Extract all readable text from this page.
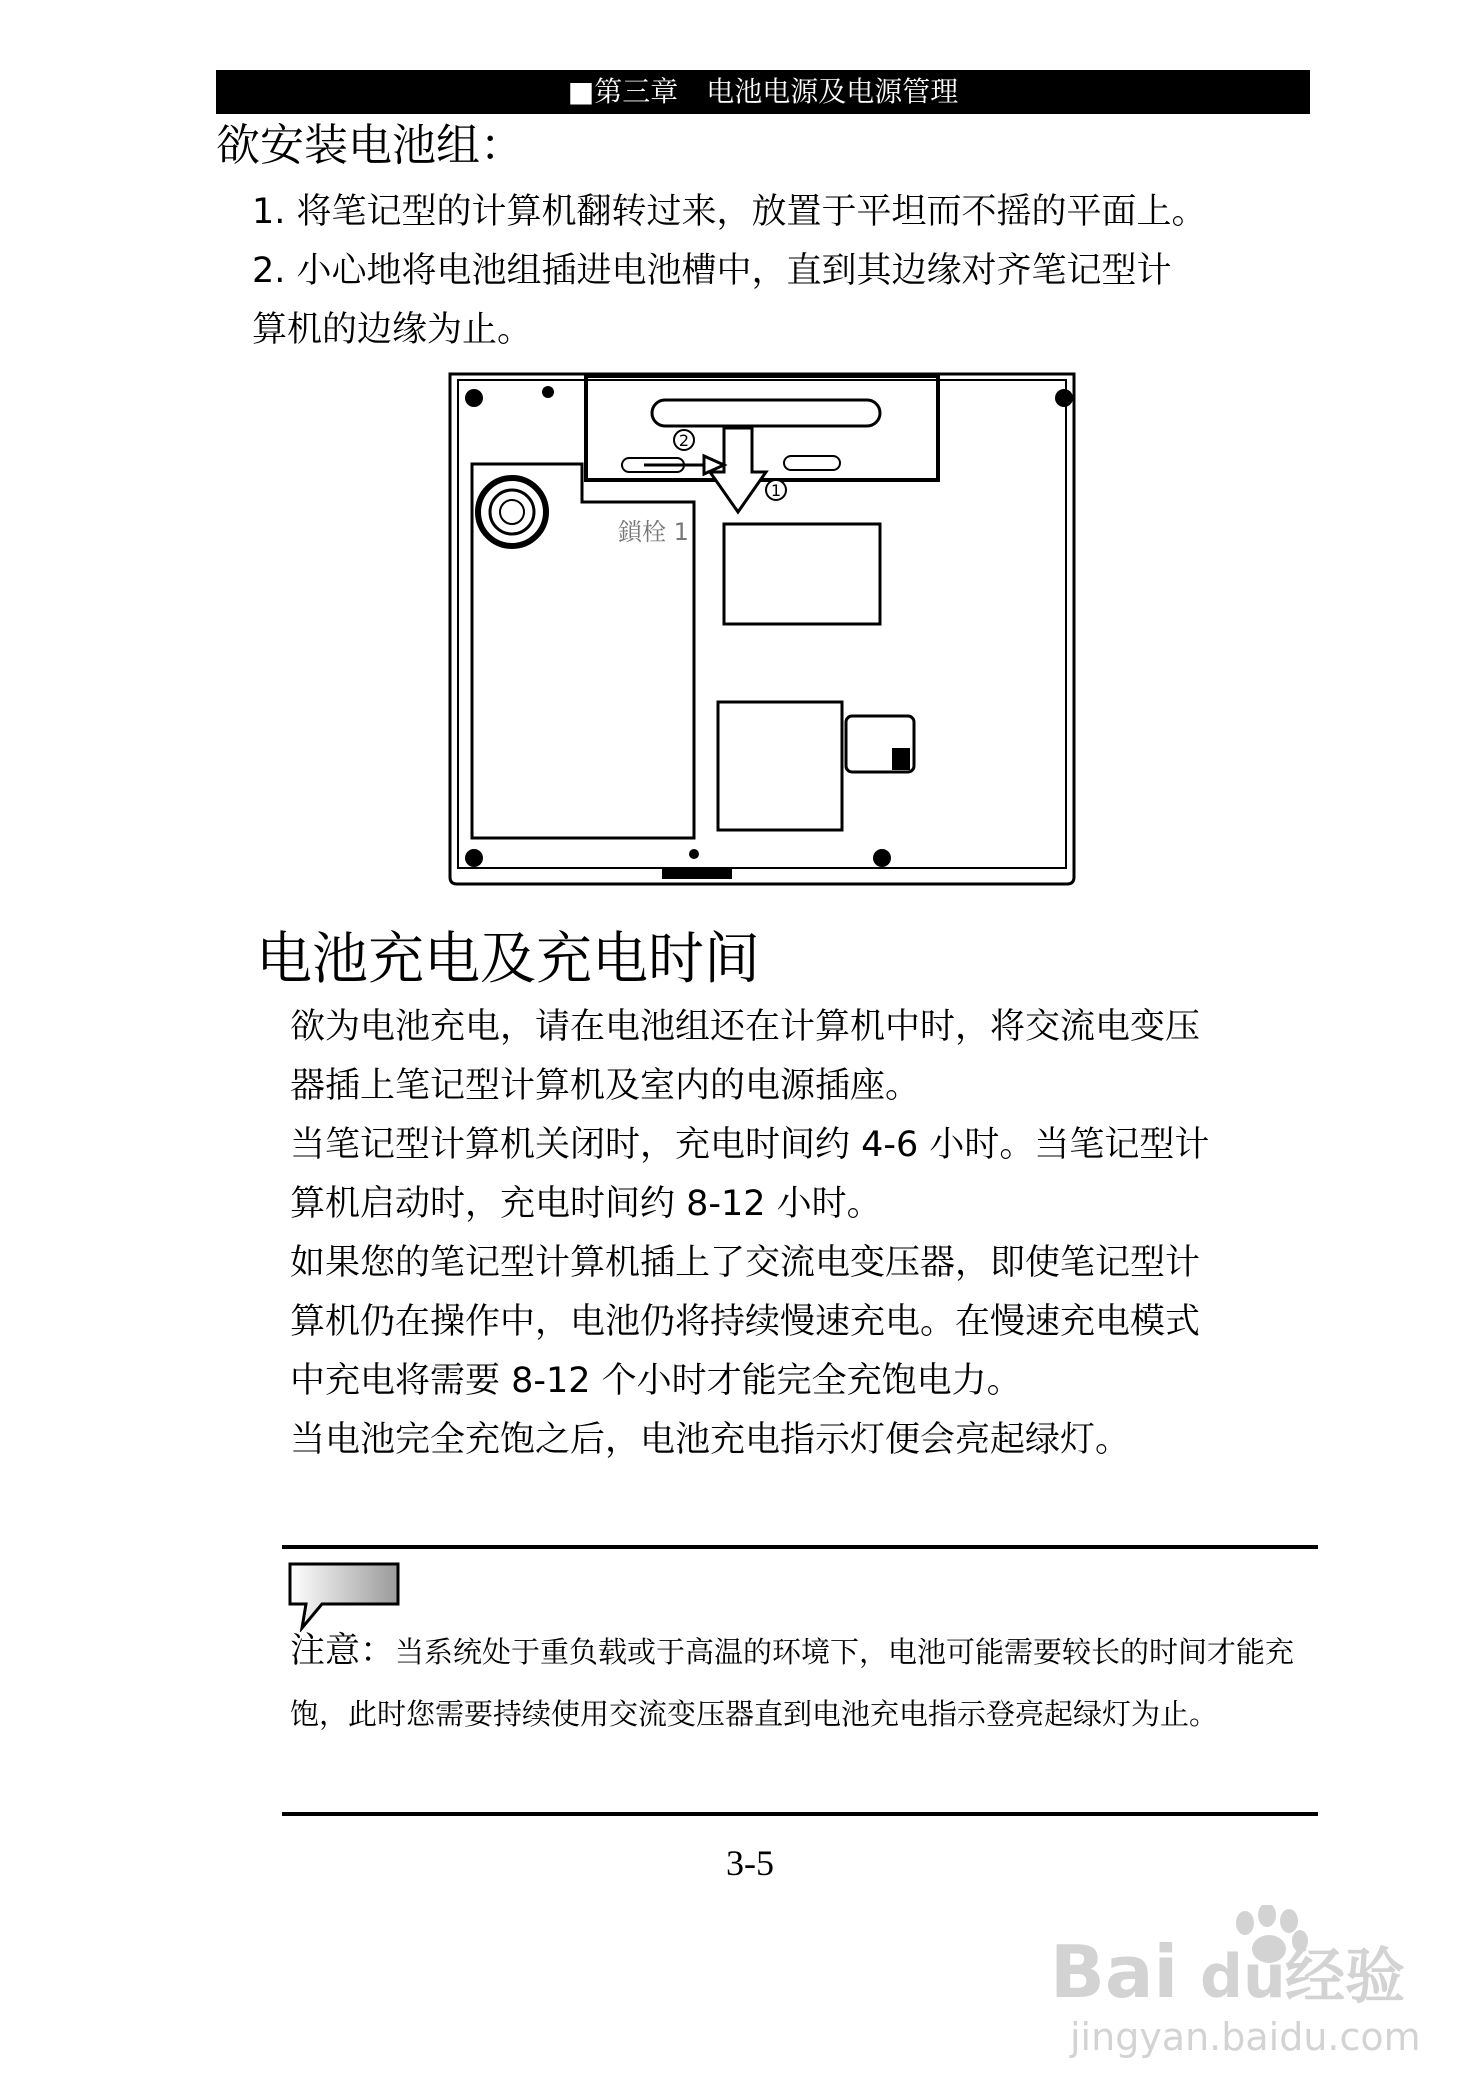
■第三章　电池电源及电源管理
欲安装电池组：
1. 将笔记型的计算机翻转过来，放置于平坦而不摇的平面上。
2. 小心地将电池组插进电池槽中，直到其边缘对齐笔记型计
算机的边缘为止。
2
1
鎖栓 1
电池充电及充电时间
欲为电池充电，请在电池组还在计算机中时，将交流电变压
器插上笔记型计算机及室内的电源插座。
当笔记型计算机关闭时，充电时间约 4-6 小时。当笔记型计
算机启动时，充电时间约 8-12 小时。
如果您的笔记型计算机插上了交流电变压器，即使笔记型计
算机仍在操作中，电池仍将持续慢速充电。在慢速充电模式
中充电将需要 8-12 个小时才能完全充饱电力。
当电池完全充饱之后，电池充电指示灯便会亮起绿灯。
注意：当系统处于重负载或于高温的环境下，电池可能需要较长的时间才能充饱，此时您需要持续使用交流变压器直到电池充电指示登亮起绿灯为止。
3-5
Bai du 经验
jingyan.baidu.com
